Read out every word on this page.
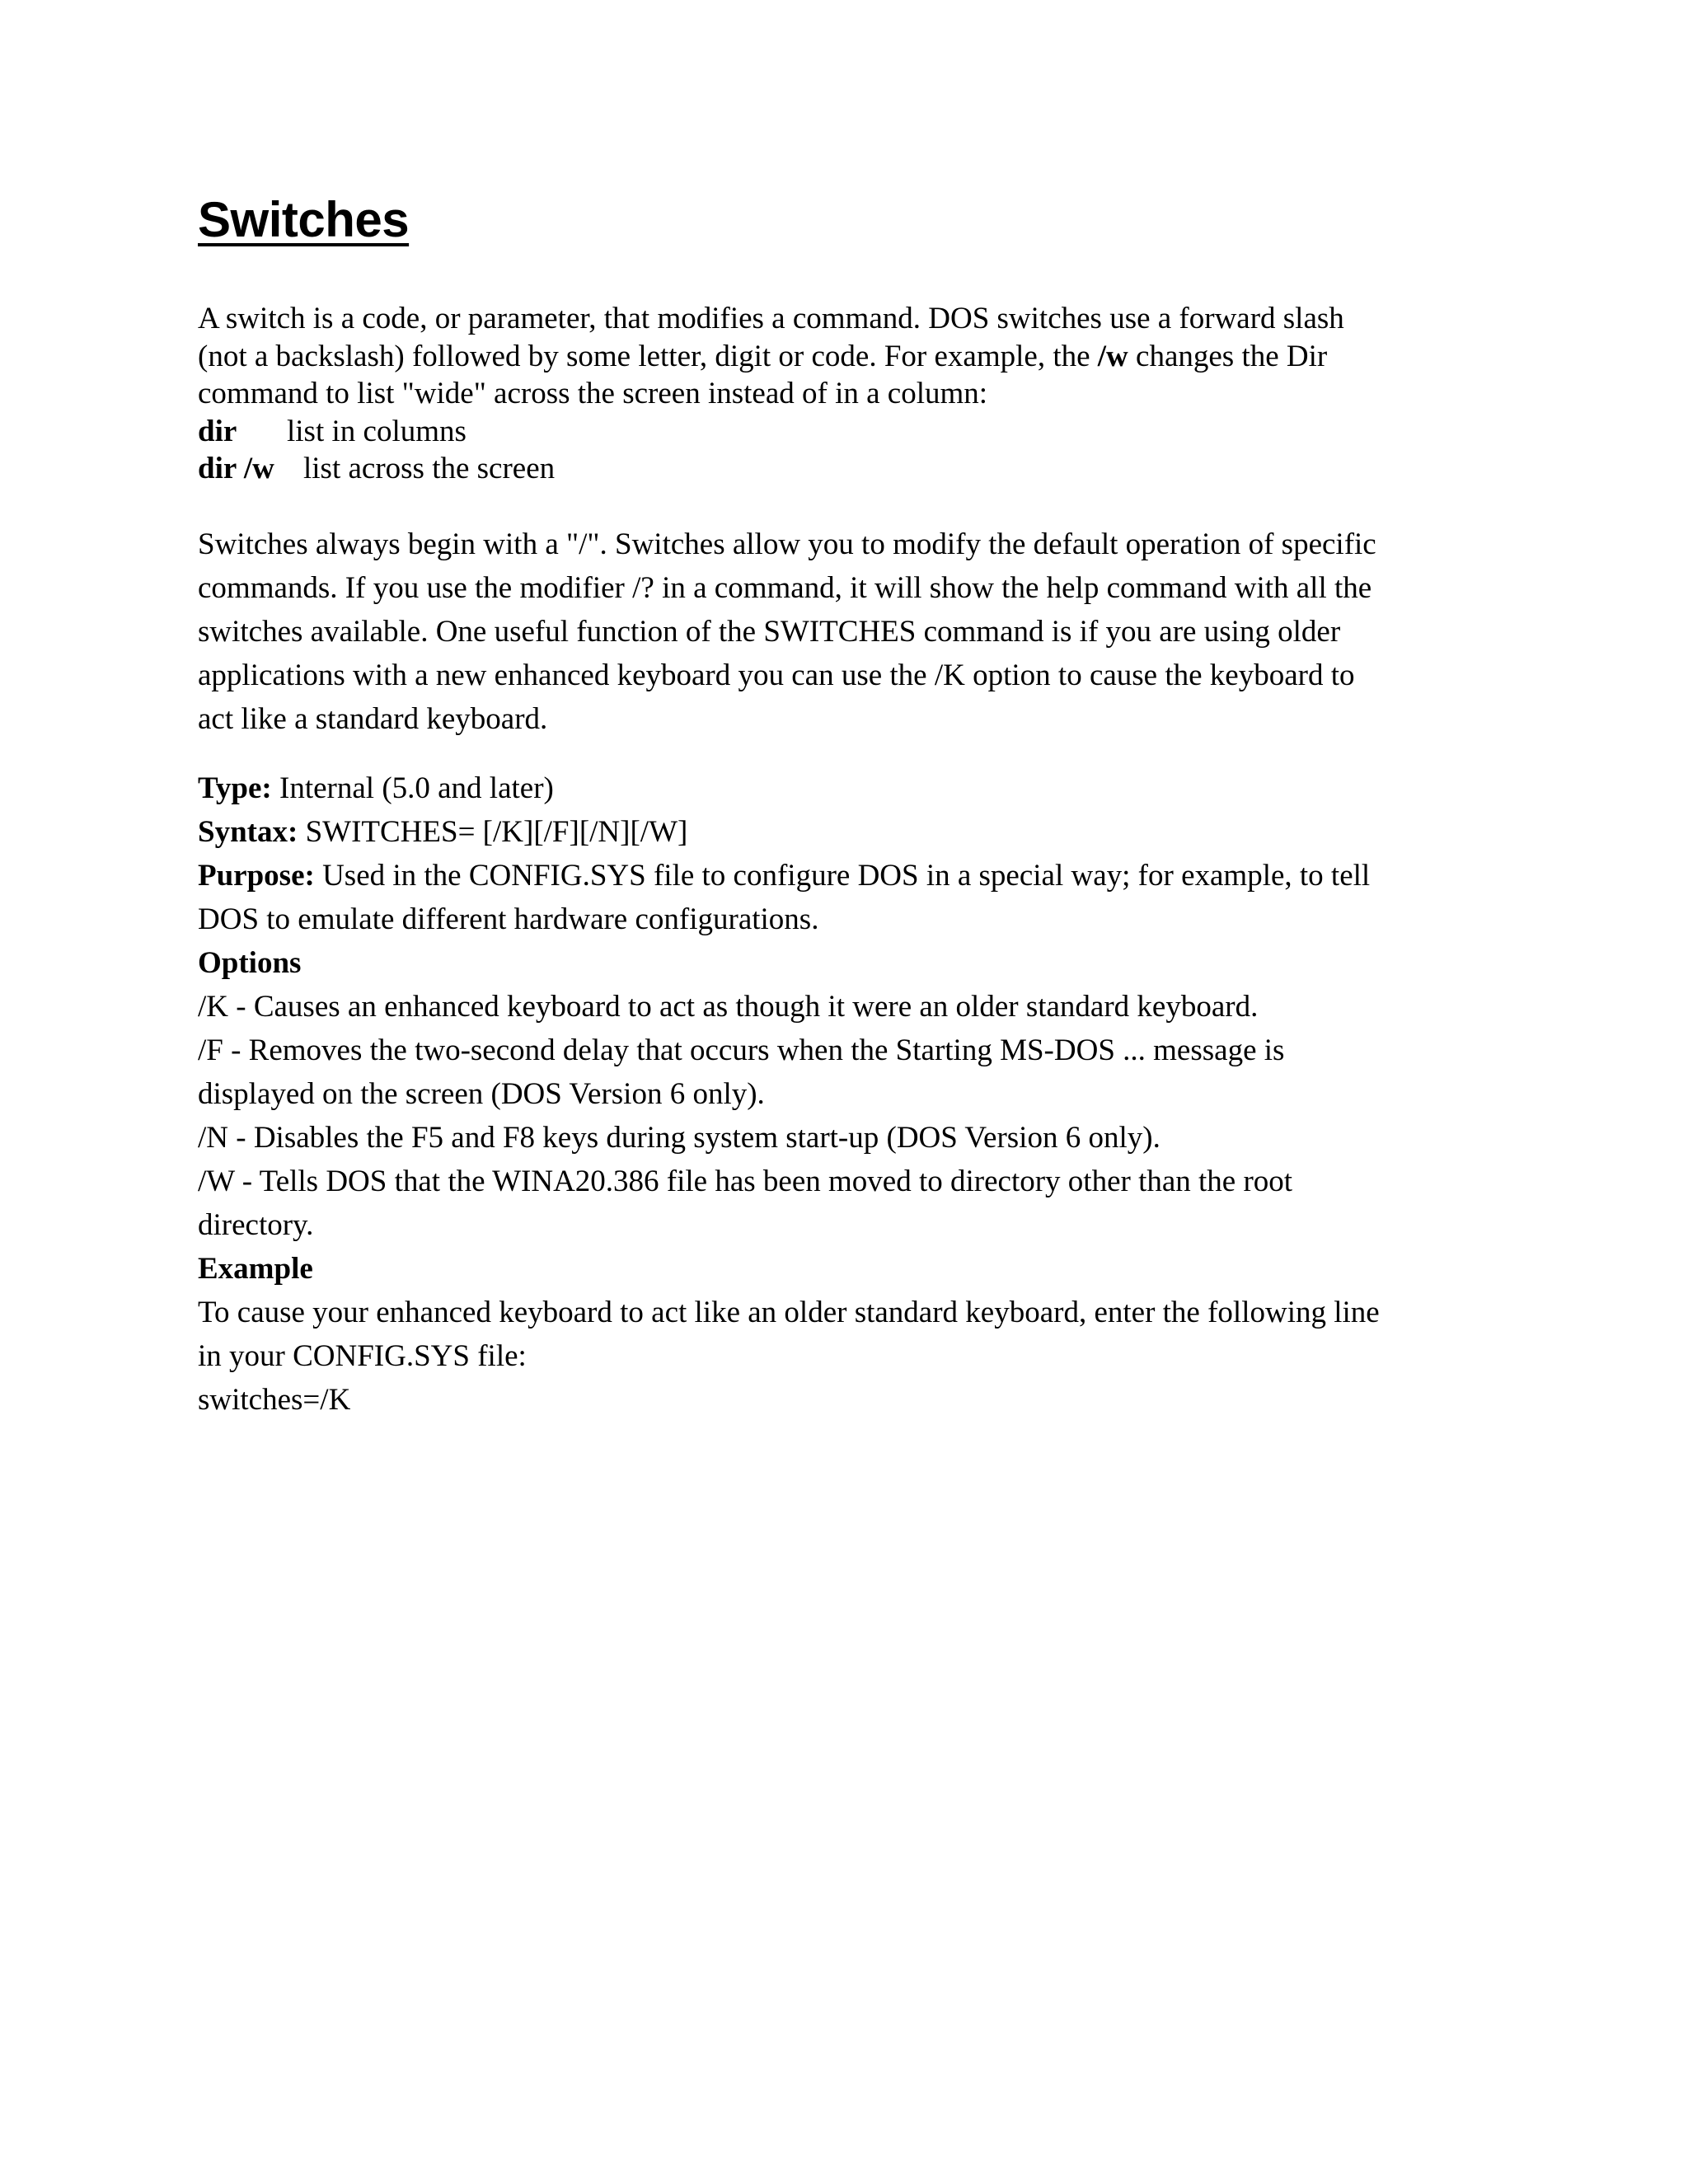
Switches
A switch is a code, or parameter, that modifies a command. DOS switches use a forward slash
(not a backslash) followed by some letter, digit or code. For example, the /w changes the Dir
command to list "wide" across the screen instead of in a column:
dir list in columns
dir /w list across the screen
Switches always begin with a "/". Switches allow you to modify the default operation of specific
commands. If you use the modifier /? in a command, it will show the help command with all the
switches available. One useful function of the SWITCHES command is if you are using older
applications with a new enhanced keyboard you can use the /K option to cause the keyboard to
act like a standard keyboard.
Type: Internal (5.0 and later)
Syntax: SWITCHES= [/K][/F][/N][/W]
Purpose: Used in the CONFIG.SYS file to configure DOS in a special way; for example, to tell
DOS to emulate different hardware configurations.
Options
/K - Causes an enhanced keyboard to act as though it were an older standard keyboard.
/F - Removes the two-second delay that occurs when the Starting MS-DOS ... message is
displayed on the screen (DOS Version 6 only).
/N - Disables the F5 and F8 keys during system start-up (DOS Version 6 only).
/W - Tells DOS that the WINA20.386 file has been moved to directory other than the root
directory.
Example
To cause your enhanced keyboard to act like an older standard keyboard, enter the following line
in your CONFIG.SYS file:
switches=/K
